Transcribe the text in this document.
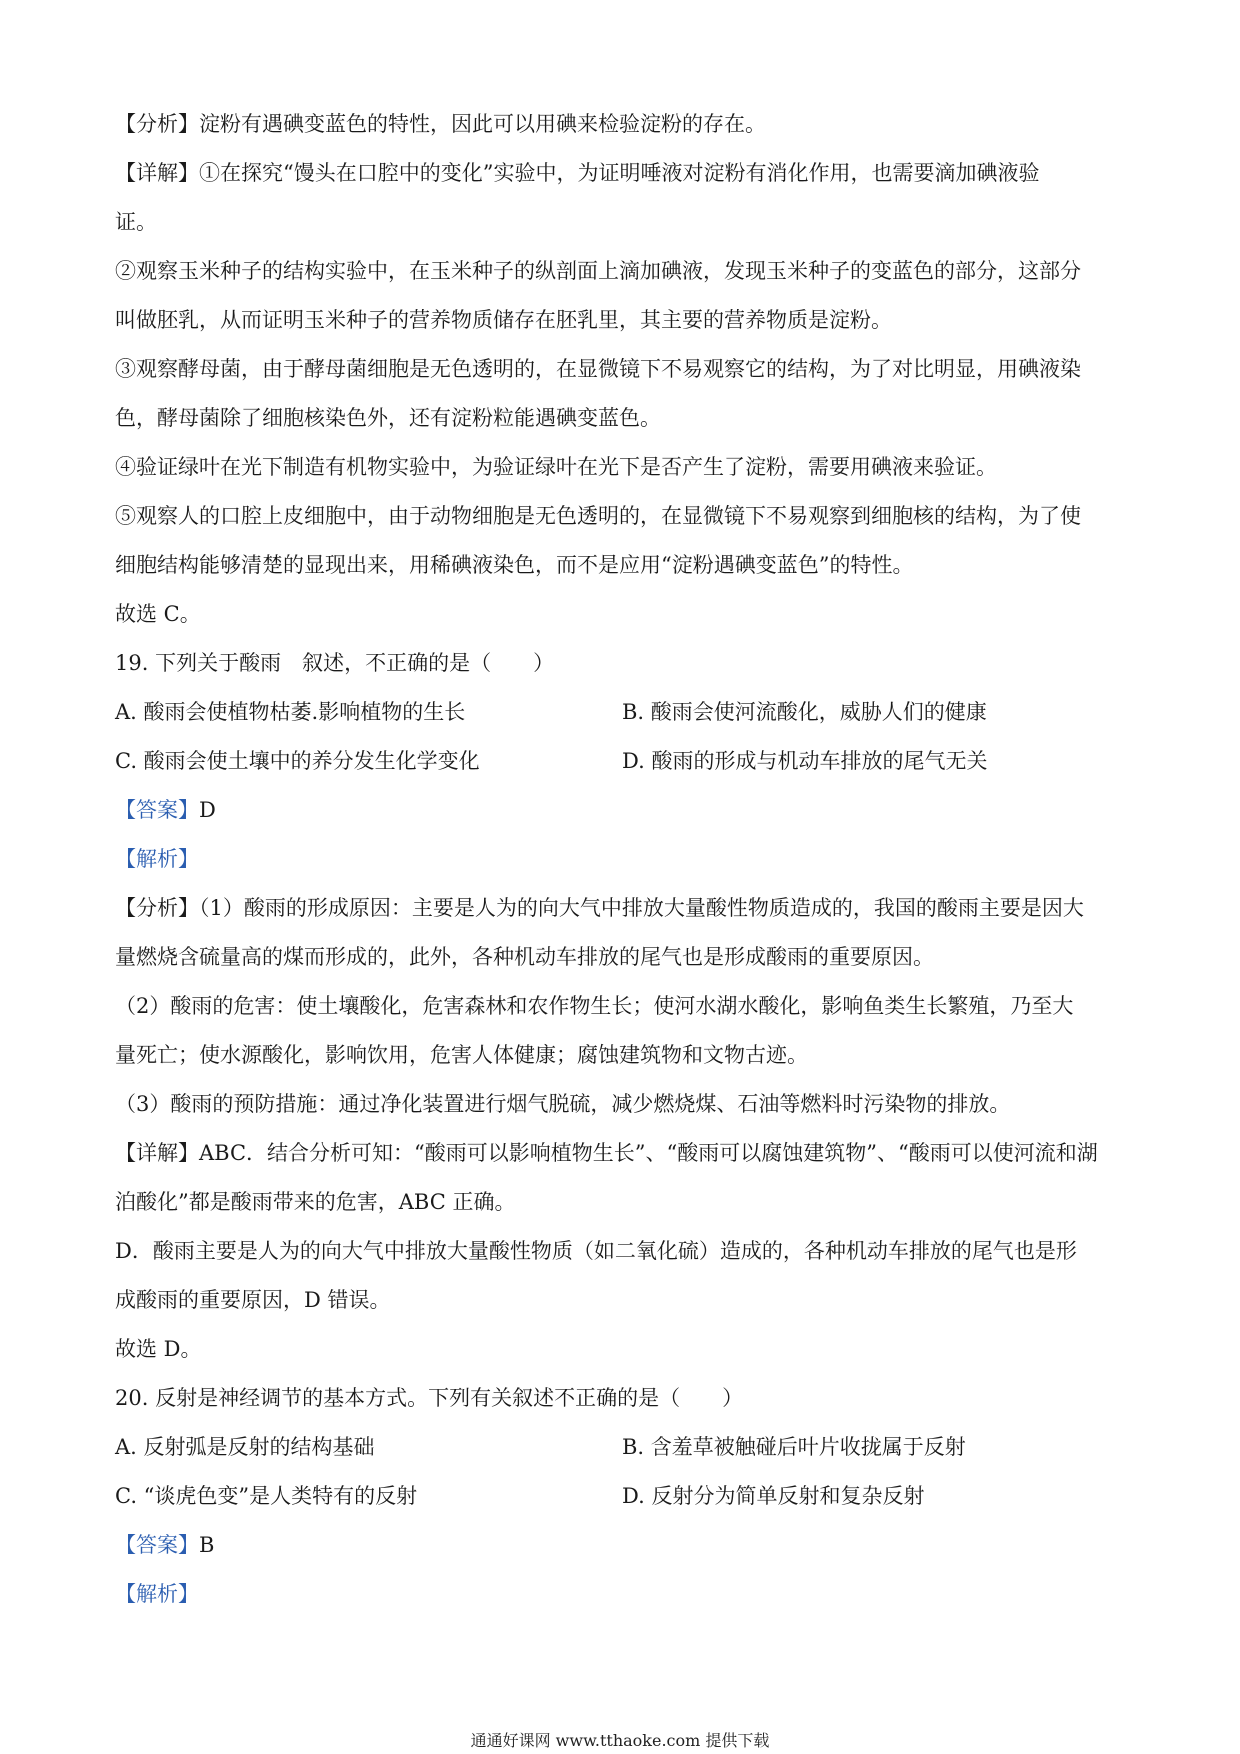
【分析】淀粉有遇碘变蓝色的特性，因此可以用碘来检验淀粉的存在。
【详解】①在探究“馒头在口腔中的变化”实验中，为证明唾液对淀粉有消化作用，也需要滴加碘液验
证。
②观察玉米种子的结构实验中，在玉米种子的纵剖面上滴加碘液，发现玉米种子的变蓝色的部分，这部分
叫做胚乳，从而证明玉米种子的营养物质储存在胚乳里，其主要的营养物质是淀粉。
③观察酵母菌，由于酵母菌细胞是无色透明的，在显微镜下不易观察它的结构，为了对比明显，用碘液染
色，酵母菌除了细胞核染色外，还有淀粉粒能遇碘变蓝色。
④验证绿叶在光下制造有机物实验中，为验证绿叶在光下是否产生了淀粉，需要用碘液来验证。
⑤观察人的口腔上皮细胞中，由于动物细胞是无色透明的，在显微镜下不易观察到细胞核的结构，为了使
细胞结构能够清楚的显现出来，用稀碘液染色，而不是应用“淀粉遇碘变蓝色”的特性。
故选 C。
19. 下列关于酸雨　叙述，不正确的是（　　）
A. 酸雨会使植物枯萎.影响植物的生长	B. 酸雨会使河流酸化，威胁人们的健康
C. 酸雨会使土壤中的养分发生化学变化	D. 酸雨的形成与机动车排放的尾气无关
【答案】D
【解析】
【分析】（1）酸雨的形成原因：主要是人为的向大气中排放大量酸性物质造成的，我国的酸雨主要是因大
量燃烧含硫量高的煤而形成的，此外，各种机动车排放的尾气也是形成酸雨的重要原因。
（2）酸雨的危害：使土壤酸化，危害森林和农作物生长；使河水湖水酸化，影响鱼类生长繁殖，乃至大
量死亡；使水源酸化，影响饮用，危害人体健康；腐蚀建筑物和文物古迹。
（3）酸雨的预防措施：通过净化装置进行烟气脱硫，减少燃烧煤、石油等燃料时污染物的排放。
【详解】ABC．结合分析可知：“酸雨可以影响植物生长”、“酸雨可以腐蚀建筑物”、“酸雨可以使河流和湖
泊酸化”都是酸雨带来的危害，ABC 正确。
D．酸雨主要是人为的向大气中排放大量酸性物质（如二氧化硫）造成的，各种机动车排放的尾气也是形
成酸雨的重要原因，D 错误。
故选 D。
20. 反射是神经调节的基本方式。下列有关叙述不正确的是（　　）
A. 反射弧是反射的结构基础	B. 含羞草被触碰后叶片收拢属于反射
C. “谈虎色变”是人类特有的反射	D. 反射分为简单反射和复杂反射
【答案】B
【解析】
通通好课网 www.tthaoke.com 提供下载
